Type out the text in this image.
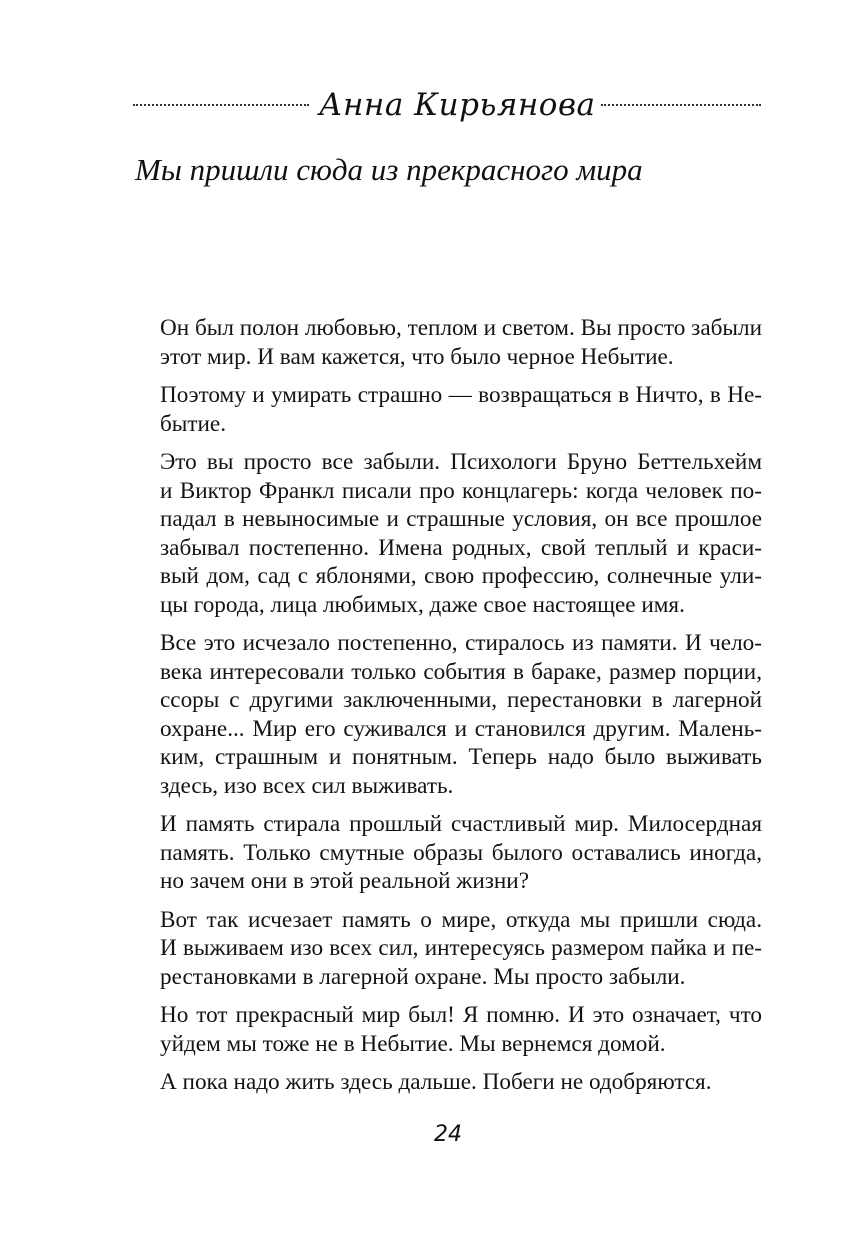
Анна Кирьянова
Мы пришли сюда из прекрасного мира
Он был полон любовью, теплом и светом. Вы просто забыли
этот мир. И вам кажется, что было черное Небытие.
Поэтому и умирать страшно — возвращаться в Ничто, в Не-
бытие.
Это вы просто все забыли. Психологи Бруно Беттельхейм
и Виктор Франкл писали про концлагерь: когда человек по-
падал в невыносимые и страшные условия, он все прошлое
забывал постепенно. Имена родных, свой теплый и краси-
вый дом, сад с яблонями, свою профессию, солнечные ули-
цы города, лица любимых, даже свое настоящее имя.
Все это исчезало постепенно, стиралось из памяти. И чело-
века интересовали только события в бараке, размер порции,
ссоры с другими заключенными, перестановки в лагерной
охране... Мир его суживался и становился другим. Малень-
ким, страшным и понятным. Теперь надо было выживать
здесь, изо всех сил выживать.
И память стирала прошлый счастливый мир. Милосердная
память. Только смутные образы былого оставались иногда,
но зачем они в этой реальной жизни?
Вот так исчезает память о мире, откуда мы пришли сюда.
И выживаем изо всех сил, интересуясь размером пайка и пе-
рестановками в лагерной охране. Мы просто забыли.
Но тот прекрасный мир был! Я помню. И это означает, что
уйдем мы тоже не в Небытие. Мы вернемся домой.
А пока надо жить здесь дальше. Побеги не одобряются.
24
